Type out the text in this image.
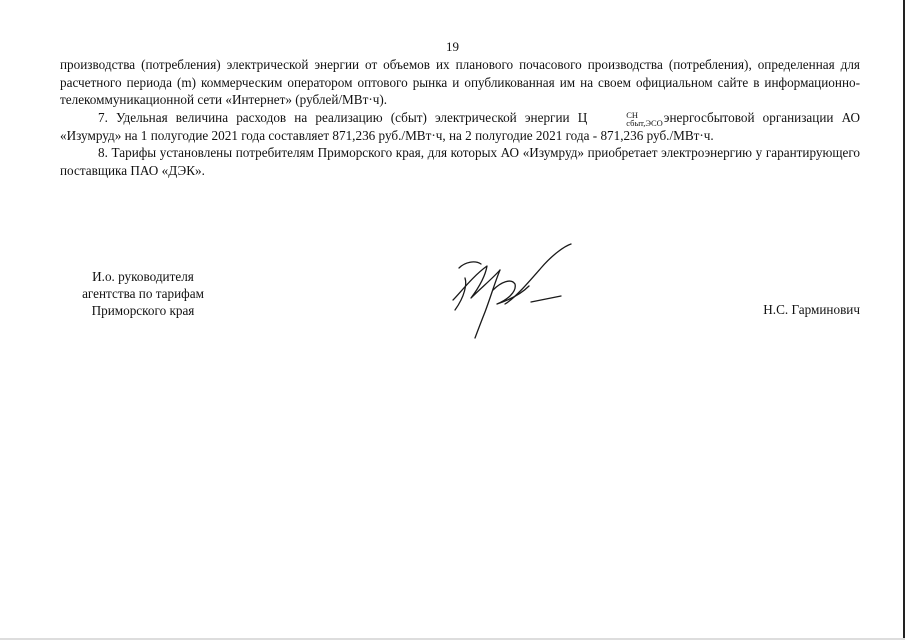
19

производства (потребления) электрической энергии от объемов их планового почасового производства (потребления), определенная для расчетного периода (m) коммерческим оператором оптового рынка и опубликованная им на своем официальном сайте в информационно-телекоммуникационной сети «Интернет» (рублей/МВт·ч).

7. Удельная величина расходов на реализацию (сбыт) электрической энергии Ц	СН
сбыт,ЭСО энергосбытовой организации АО «Изумруд» на 1 полугодие 2021 года составляет 871,236 руб./МВт·ч, на 2 полугодие 2021 года - 871,236 руб./МВт·ч.

8. Тарифы установлены потребителям Приморского края, для которых АО «Изумруд» приобретает электроэнергию у гарантирующего поставщика ПАО «ДЭК».

И.о. руководителя
агентства по тарифам
Приморского края	Н.С. Гарминович
